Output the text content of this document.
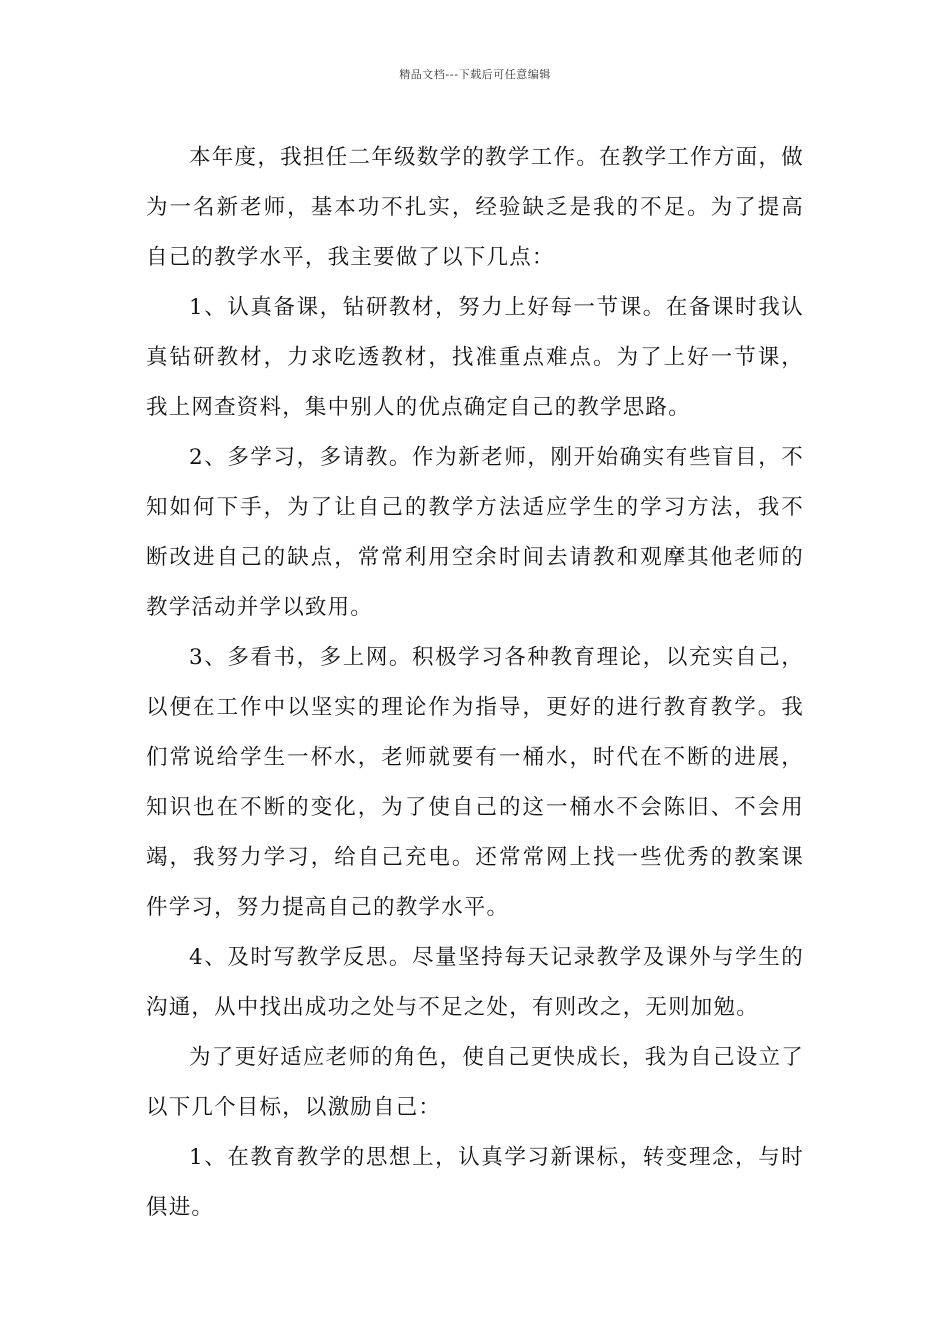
精品文档---下载后可任意编辑

本年度，我担任二年级数学的教学工作。在教学工作方面，做为一名新老师，基本功不扎实，经验缺乏是我的不足。为了提高自己的教学水平，我主要做了以下几点：

1、认真备课，钻研教材，努力上好每一节课。在备课时我认真钻研教材，力求吃透教材，找准重点难点。为了上好一节课，我上网查资料，集中别人的优点确定自己的教学思路。

2、多学习，多请教。作为新老师，刚开始确实有些盲目，不知如何下手，为了让自己的教学方法适应学生的学习方法，我不断改进自己的缺点，常常利用空余时间去请教和观摩其他老师的教学活动并学以致用。

3、多看书，多上网。积极学习各种教育理论，以充实自己，以便在工作中以坚实的理论作为指导，更好的进行教育教学。我们常说给学生一杯水，老师就要有一桶水，时代在不断的进展，知识也在不断的变化，为了使自己的这一桶水不会陈旧、不会用竭，我努力学习，给自己充电。还常常网上找一些优秀的教案课件学习，努力提高自己的教学水平。

4、及时写教学反思。尽量坚持每天记录教学及课外与学生的沟通，从中找出成功之处与不足之处，有则改之，无则加勉。

为了更好适应老师的角色，使自己更快成长，我为自己设立了以下几个目标，以激励自己：

1、在教育教学的思想上，认真学习新课标，转变理念，与时俱进。
